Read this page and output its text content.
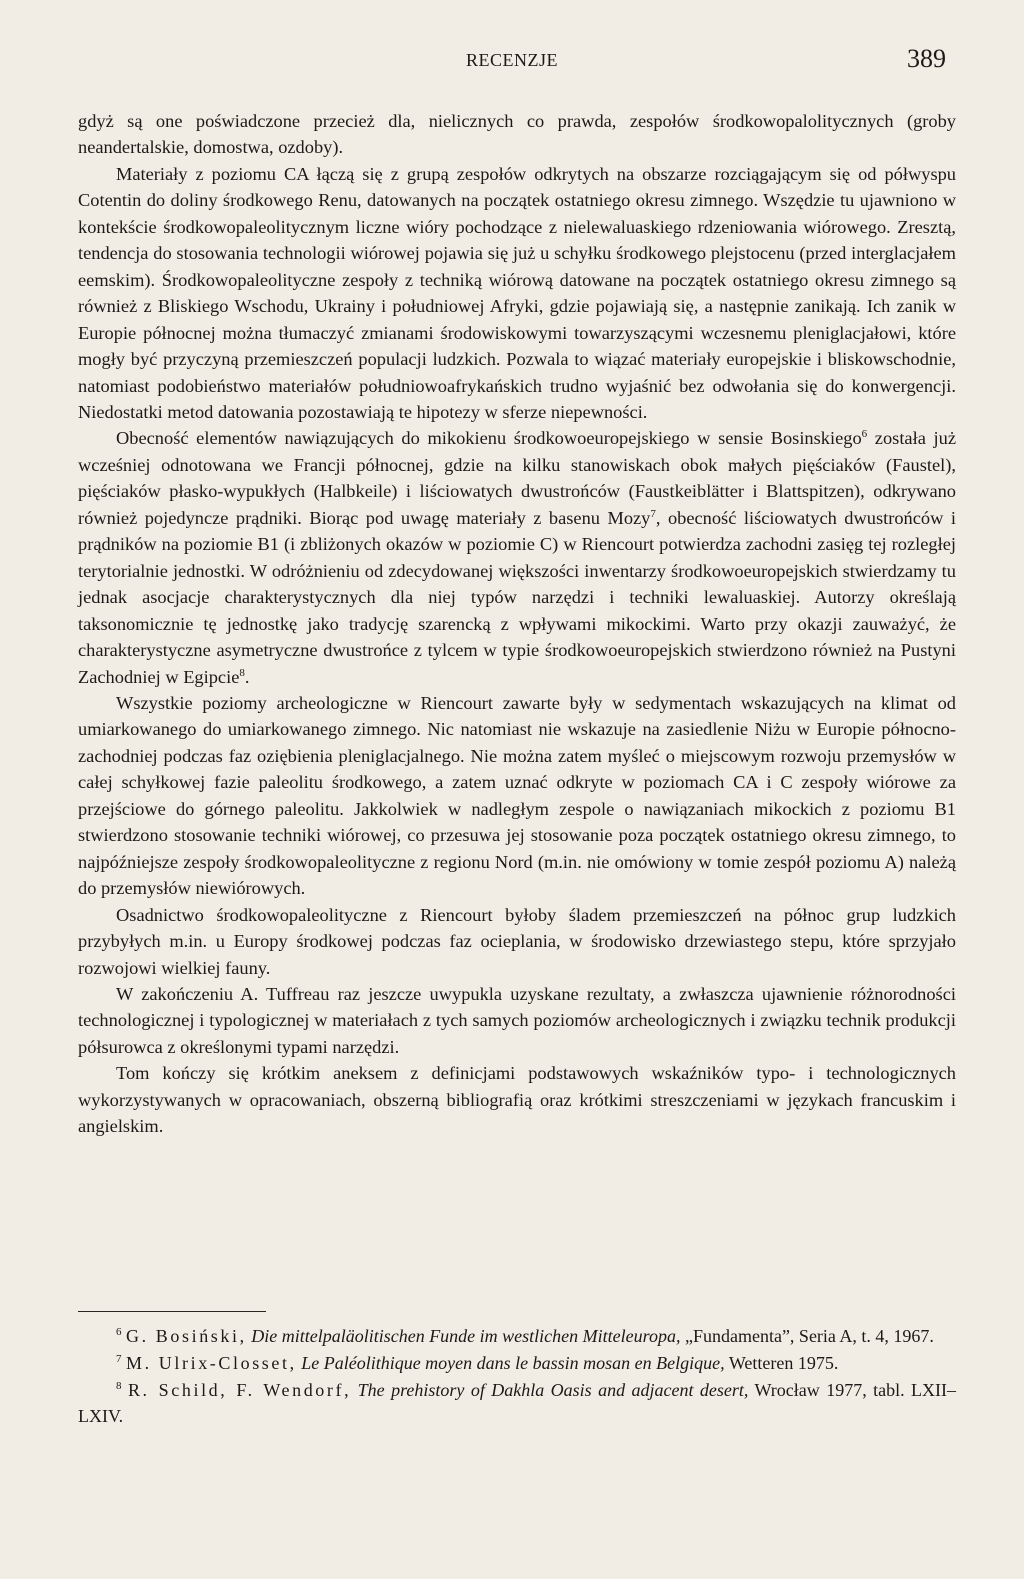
RECENZJE	389

gdyż są one poświadczone przecież dla, nielicznych co prawda, zespołów środkowopalolitycznych (groby neandertalskie, domostwa, ozdoby).

Materiały z poziomu CA łączą się z grupą zespołów odkrytych na obszarze rozciągającym się od półwyspu Cotentin do doliny środkowego Renu, datowanych na początek ostatniego okresu zimnego. Wszędzie tu ujawniono w kontekście środkowopaleolitycznym liczne wióry pochodzące z nielewaluaskiego rdzeniowania wiórowego. Zresztą, tendencja do stosowania technologii wiórowej pojawia się już u schyłku środkowego plejstocenu (przed interglacjałem eemskim). Środkowopaleolityczne zespoły z techniką wiórową datowane na początek ostatniego okresu zimnego są również z Bliskiego Wschodu, Ukrainy i południowej Afryki, gdzie pojawiają się, a następnie zanikają. Ich zanik w Europie północnej można tłumaczyć zmianami środowiskowymi towarzyszącymi wczesnemu pleniglacjałowi, które mogły być przyczyną przemieszczeń populacji ludzkich. Pozwala to wiązać materiały europejskie i bliskowschodnie, natomiast podobieństwo materiałów południowoafrykańskich trudno wyjaśnić bez odwołania się do konwergencji. Niedostatki metod datowania pozostawiają te hipotezy w sferze niepewności.

Obecność elementów nawiązujących do mikokienu środkowoeuropejskiego w sensie Bosinskiego$^6$ została już wcześniej odnotowana we Francji północnej, gdzie na kilku stanowiskach obok małych pięściaków (Faustel), pięściaków płasko-wypukłych (Halbkeile) i liściowatych dwustrońców (Faustkeiblätter i Blattspitzen), odkrywano również pojedyncze prądniki. Biorąc pod uwagę materiały z basenu Mozy$^7$, obecność liściowatych dwustrońców i prądników na poziomie B1 (i zbliżonych okazów w poziomie C) w Riencourt potwierdza zachodni zasięg tej rozległej terytorialnie jednostki. W odróżnieniu od zdecydowanej większości inwentarzy środkowoeuropejskich stwierdzamy tu jednak asocjacje charakterystycznych dla niej typów narzędzi i techniki lewaluaskiej. Autorzy określają taksonomicznie tę jednostkę jako tradycję szarencką z wpływami mikockimi. Warto przy okazji zauważyć, że charakterystyczne asymetryczne dwustrońce z tylcem w typie środkowoeuropejskich stwierdzono również na Pustyni Zachodniej w Egipcie$^8$.

Wszystkie poziomy archeologiczne w Riencourt zawarte były w sedymentach wskazujących na klimat od umiarkowanego do umiarkowanego zimnego. Nic natomiast nie wskazuje na zasiedlenie Niżu w Europie północno-zachodniej podczas faz oziębienia pleniglacjalnego. Nie można zatem myśleć o miejscowym rozwoju przemysłów w całej schyłkowej fazie paleolitu środkowego, a zatem uznać odkryte w poziomach CA i C zespoły wiórowe za przejściowe do górnego paleolitu. Jakkolwiek w nadległym zespole o nawiązaniach mikockich z poziomu B1 stwierdzono stosowanie techniki wiórowej, co przesuwa jej stosowanie poza początek ostatniego okresu zimnego, to najpóźniejsze zespoły środkowopaleolityczne z regionu Nord (m.in. nie omówiony w tomie zespół poziomu A) należą do przemysłów niewiórowych.

Osadnictwo środkowopaleolityczne z Riencourt byłoby śladem przemieszczeń na północ grup ludzkich przybyłych m.in. u Europy środkowej podczas faz ocieplania, w środowisko drzewiastego stepu, które sprzyjało rozwojowi wielkiej fauny.

W zakończeniu A. Tuffreau raz jeszcze uwypukla uzyskane rezultaty, a zwłaszcza ujawnienie różnorodności technologicznej i typologicznej w materiałach z tych samych poziomów archeologicznych i związku technik produkcji półsurowca z określonymi typami narzędzi.

Tom kończy się krótkim aneksem z definicjami podstawowych wskaźników typo- i technologicznych wykorzystywanych w opracowaniach, obszerną bibliografią oraz krótkimi streszczeniami w językach francuskim i angielskim.

$^6$ G. Bosiński, Die mittelpaläolitischen Funde im westlichen Mitteleuropa, „Fundamenta”, Seria A, t. 4, 1967.

$^7$ M. Ulrix-Closset, Le Paléolithique moyen dans le bassin mosan en Belgique, Wetteren 1975.

$^8$ R. Schild, F. Wendorf, The prehistory of Dakhla Oasis and adjacent desert, Wrocław 1977, tabl. LXII–LXIV.
